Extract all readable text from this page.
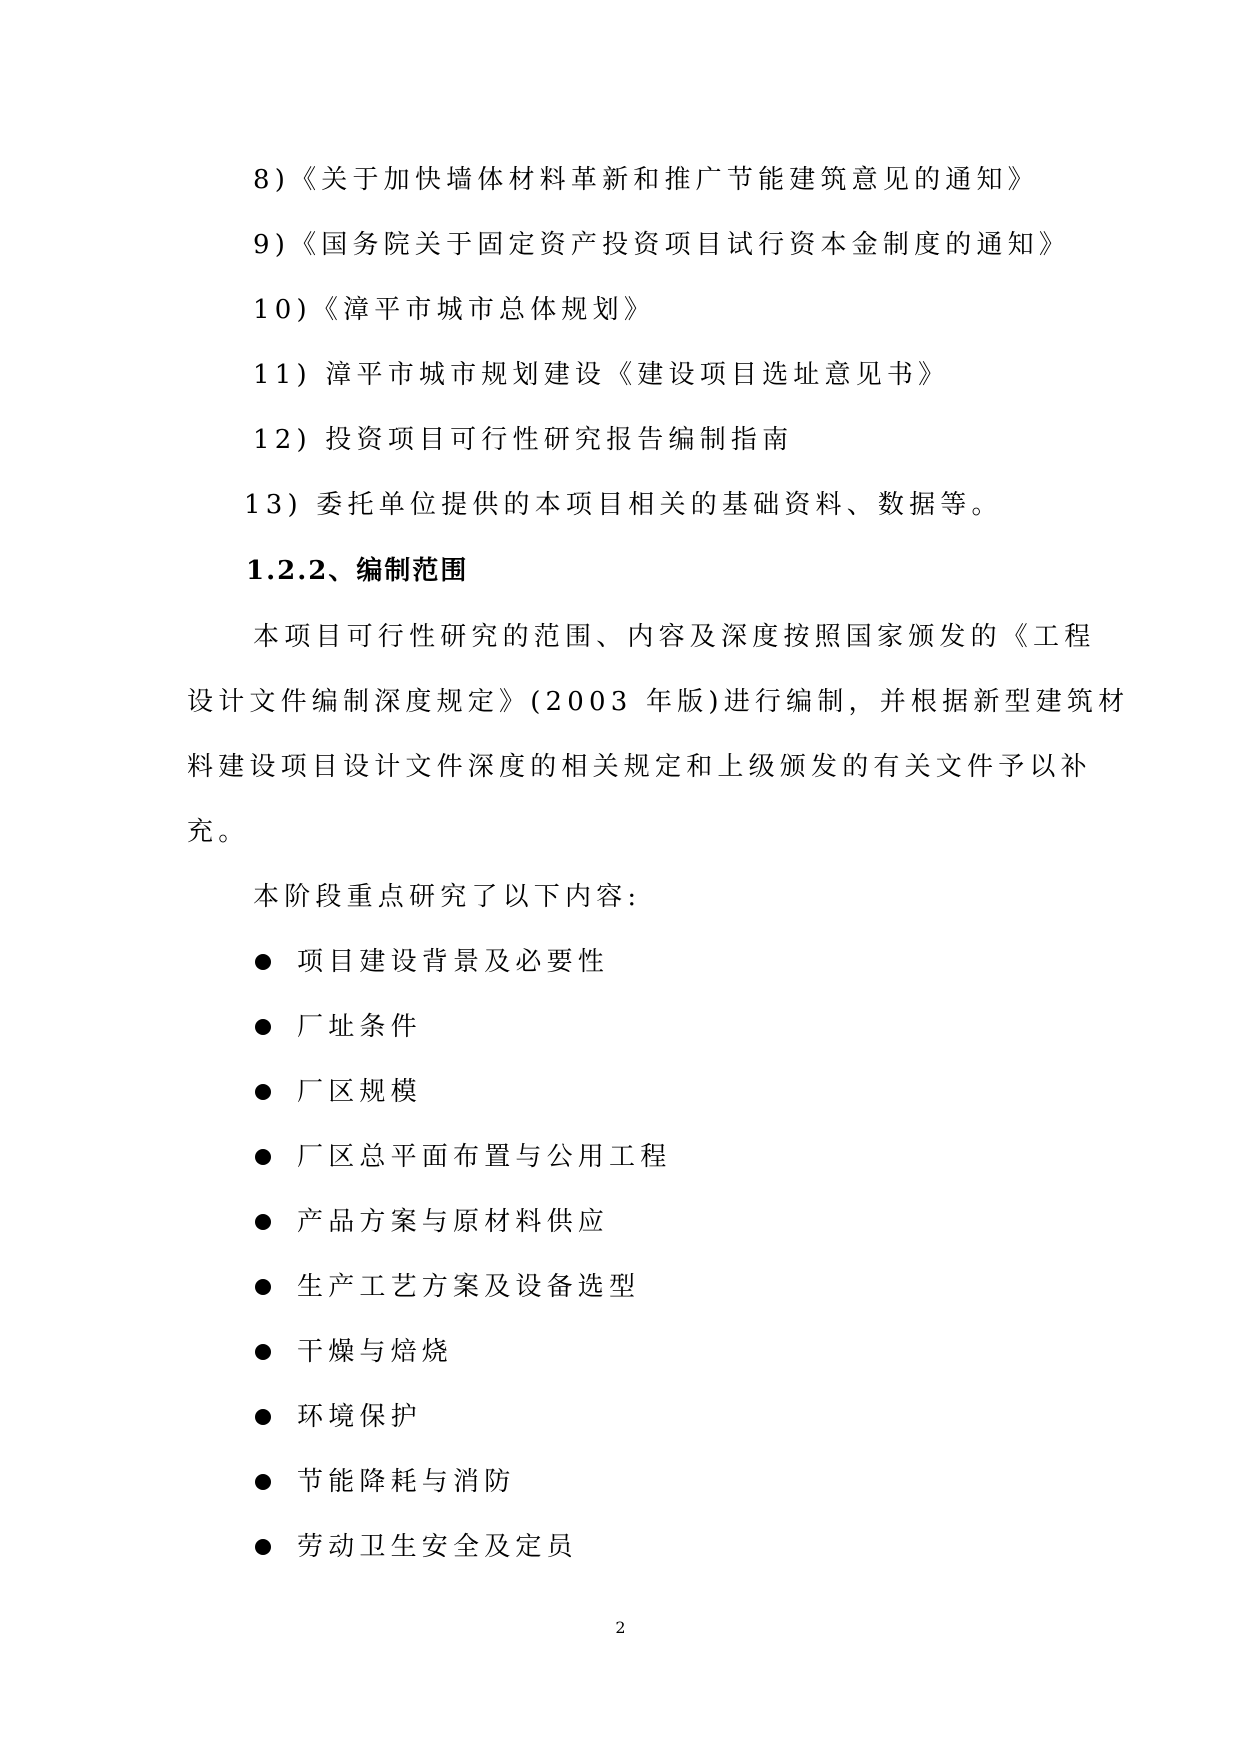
8)《关于加快墙体材料革新和推广节能建筑意见的通知》

9)《国务院关于固定资产投资项目试行资本金制度的通知》

10)《漳平市城市总体规划》

11) 漳平市城市规划建设《建设项目选址意见书》

12) 投资项目可行性研究报告编制指南

13) 委托单位提供的本项目相关的基础资料、数据等。

1.2.2、编制范围

本项目可行性研究的范围、内容及深度按照国家颁发的《工程

设计文件编制深度规定》(2003 年版)进行编制，并根据新型建筑材

料建设项目设计文件深度的相关规定和上级颁发的有关文件予以补

充。

本阶段重点研究了以下内容:

项目建设背景及必要性
厂址条件
厂区规模
厂区总平面布置与公用工程
产品方案与原材料供应
生产工艺方案及设备选型
干燥与焙烧
环境保护
节能降耗与消防
劳动卫生安全及定员
2
